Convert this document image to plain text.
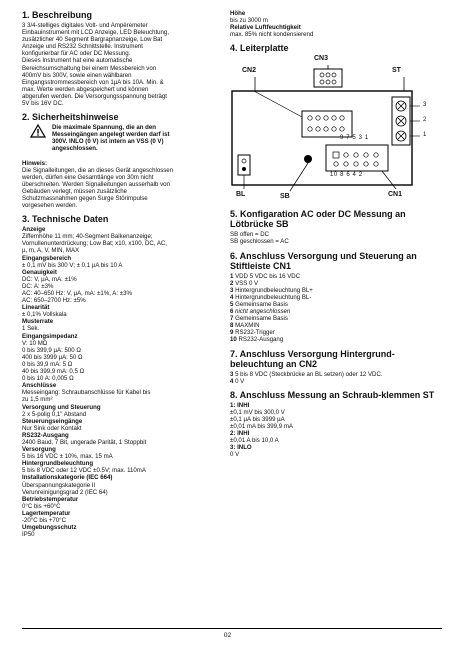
1. Beschreibung

3 3/4-stelliges digitales Volt- und Ampèremeter

Einbauinstrument mit LCD Anzeige, LED Beleuchtung,

zusätzlicher 40 Segment Bargrapnanzeige, Low Bat

Anzeige und RS232 Schnittstelle. Instrument

konfigurierbar für AC oder DC Messung.

Dieses Instrument hat eine automatische

Bereichsumschaltung bei einem Messbereich von

400mV bis 300V, sowie einen wählbaren

Eingangsstrommessbereich von 1µA bis 10A. Min. &

max. Werte werden abgespeichert und können

abgerufen werden. Die Versorgungsspannung beträgt

5V bis 16V DC.

2. Sicherheitshinweise

Die maximale Spannung, die an den

Messeingängen angelegt werden darf ist

300V. INLO (0 V) ist intern an VSS (0 V)

angeschlossen.

Hinweis:

Die Signalleitungen, die an dieses Gerät angeschlossen

werden, dürfen eine Gesamtlänge von 30m nicht

überschreiten. Werden Signalleitungen ausserhalb von

Gebäuden verlegt, müssen zusätzliche

Schutzmassnahmen gegen Surge Störimpulse

vorgesehen werden.

3. Technische Daten

Anzeige

Ziffernhöhe 11 mm; 40-Segment Balkenanzeige;

Vornullenunterdrückung; Low Bat; x10, x100, DC, AC,

µ, m, A, V, MIN, MAX

Eingangsbereich

± 0,1 mV bis 300 V; ± 0,1 µA bis 10 A

Genauigkeit

DC: V, µA, mA: ±1%

DC: A: ±3%

AC: 40–650 Hz: V, µA, mA: ±1%, A: ±3%

AC: 650–2700 Hz: ±5%

Linearität

± 0,1% Vollskala

Musterrate

1 Sek.

Eingangsimpedanz

V: 10 MΩ

0 bis 399,9 µA: 500 Ω

400 bis 3999 µA: 50 Ω

0 bis 39,9 mA: 5 Ω

40 bis 399,9 mA: 0,5 Ω

0 bis 10 A: 0,005 Ω

Anschlüsse

Messeingang: Schraubanschlüsse für Kabel bis

zu 1,5 mm²

Versorgung und Steuerung

2 x 5-polig 0,1" Abstand

Steuerungseingänge

Nur Sink oder Kontakt

RS232-Ausgang

2400 Baud, 7 Bit, ungerade Parität, 1 Stoppbit

Versorgung

5 bis 16 VDC ± 10%, max. 15 mA

Hintergrundbeleuchtung

5 bis 8 VDC oder 12 VDC ±0.5V; max. 110mA

Installationskategorie (IEC 664)

Überspannungskategorie II

Verunreinigungsgrad 2 (IEC 64)

Betriebstemperatur

0°C bis +60°C

Lagertemperatur

-20°C bis +70°C

Umgebungsschutz

IP50

Höhe

bis zu 3000 m

Relative Luftfeuchtigkeit

max. 85% nicht kondensierend

4. Leiterplatte
CN2
CN3
ST
9 7 5 3 1
10 8 6 4 2
3
2
1
BL	SB	CN1
5. Konfigaration AC oder DC Messung an Lötbrücke SB

SB offen = DC

SB geschlossen = AC

6. Anschluss Versorgung und Steuerung an Stiftleiste CN1

1 VDD 5 VDC bis 16 VDC

2 VSS 0 V

3 Hintergrundbeleuchtung BL+

4 Hintergrundbeleuchtung BL-

5 Gemeinsame Basis

6 nicht angeschlossen

7 Gemeinsame Basis

8 MAXMIN

9 RS232-Trigger

10 RS232-Ausgang

7. Anschluss Versorgung Hintergrund-beleuchtung an CN2

3 5 bis 8 VDC (Steckbrücke an BL setzen) oder 12 VDC.

4 0 V

8. Anschluss Messung an Schraub-klemmen ST

1: INHI

±0,1 mV bis 300,0 V

±0,1 µA bis 3999 µA

±0,01 mA bis 399,9 mA

2: INHI

±0,01 A bis 10,0 A

3: INLO

0 V

02
